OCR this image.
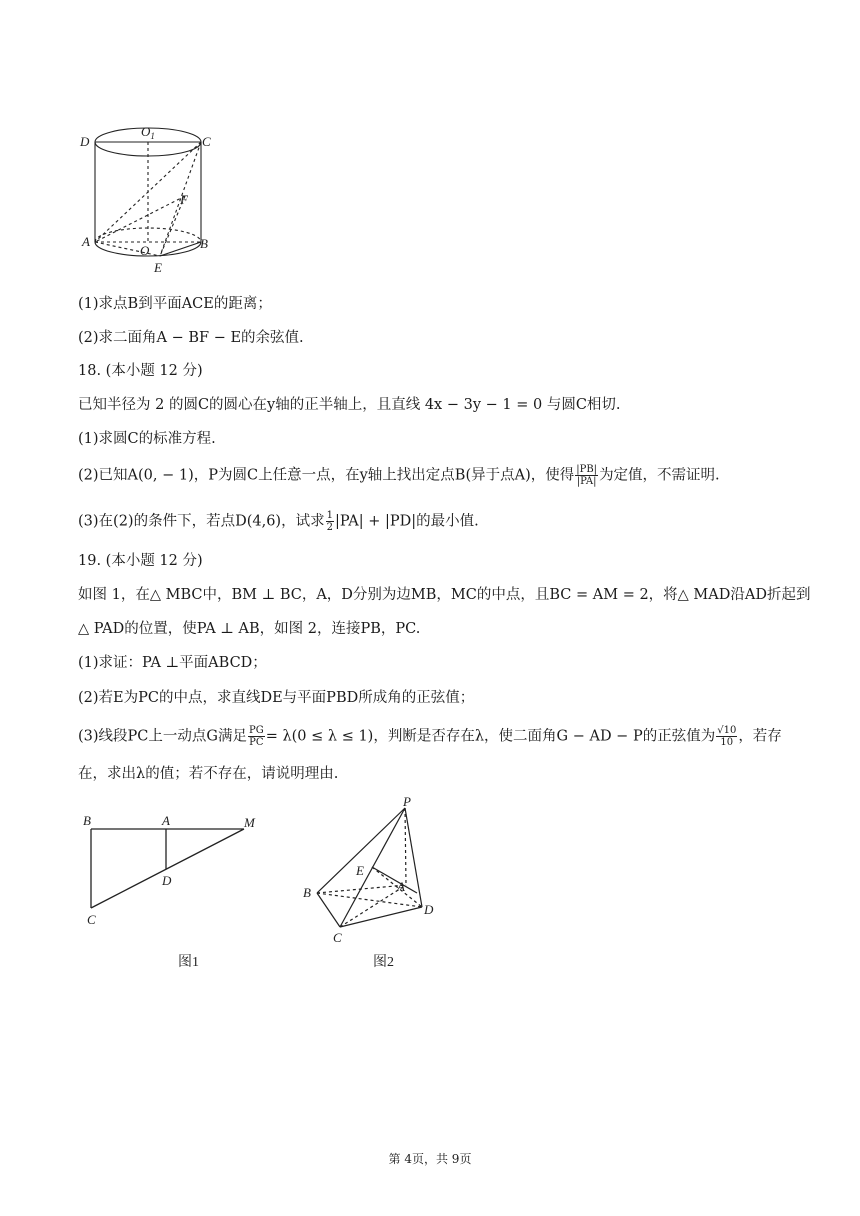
D
$O_1$	C
F
A
O	B
E
(1)求点B到平面ACE的距离；
(2)求二面角A − BF − E的余弦值.
18. (本小题 12 分)
已知半径为 2 的圆C的圆心在y轴的正半轴上，且直线 4x − 3y − 1 = 0 与圆C相切.
(1)求圆C的标准方程.
(2)已知A(0, − 1)，P为圆C上任意一点，在y轴上找出定点B(异于点A)，使得 $\frac{|PB|}{|PA|}$ 为定值，不需证明.
(3)在(2)的条件下，若点D(4,6)，试求 $\frac{1}{2} |PA| + |PD|$的最小值.
19. (本小题 12 分)
如图 1，在△ MBC中，BM ⊥ BC，A，D分别为边MB，MC的中点，且BC = AM = 2，将△ MAD沿AD折起到
△ PAD的位置，使PA ⊥ AB，如图 2，连接PB，PC.
(1)求证：PA ⊥平面ABCD；
(2)若E为PC的中点，求直线DE与平面PBD所成角的正弦值；
(3)线段PC上一动点G满足 $\frac{PG}{PC} = \lambda(0 \le \lambda \le 1)$，判断是否存在λ，使二面角G − AD − P的正弦值为 $\frac{√10}{10}$ ，若存
在，求出λ的值；若不存在，请说明理由.
B	A	M
D
C
图1
P
E
A
B
D
C
图2
第 4页，共 9页
